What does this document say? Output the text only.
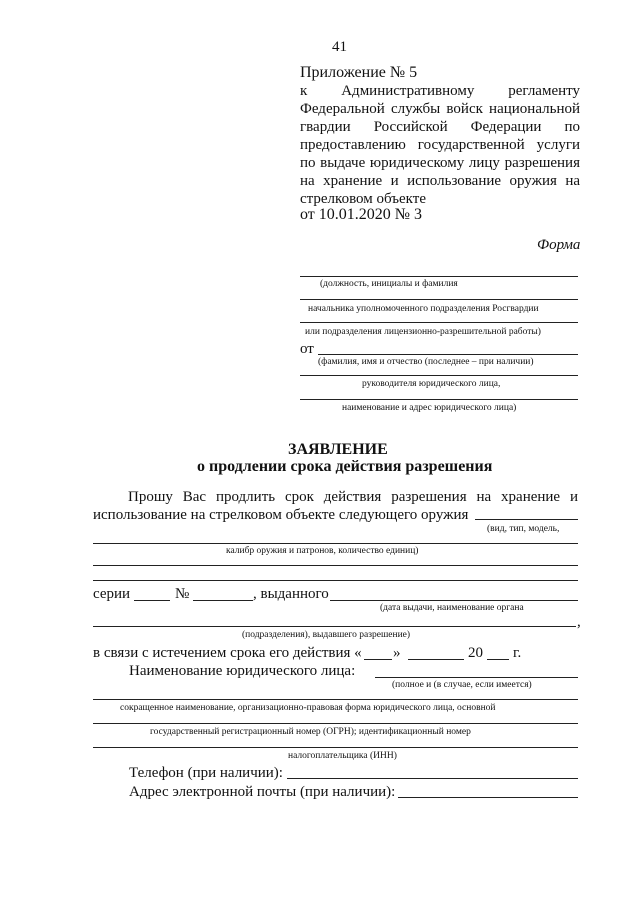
41
Приложение № 5
к Административному регламенту
Федеральной службы войск национальной
гвардии Российской Федерации по
предоставлению государственной услуги
по выдаче юридическому лицу разрешения
на хранение и использование оружия на
стрелковом объекте
от 10.01.2020 № 3
Форма
(должность, инициалы и фамилия
начальника уполномоченного подразделения Росгвардии
или подразделения лицензионно-разрешительной работы)
от
(фамилия, имя и отчество (последнее – при наличии)
руководителя юридического лица,
наименование и адрес юридического лица)
ЗАЯВЛЕНИЕ
о продлении срока действия разрешения
Прошу Вас продлить срок действия разрешения на хранение и
использование на стрелковом объекте следующего оружия
(вид, тип, модель,
калибр оружия и патронов, количество единиц)
серии	№	, выданного
(дата выдачи, наименование органа
,
(подразделения), выдавшего разрешение)
в связи с истечением срока его действия « »	20 г.
Наименование юридического лица:
(полное и (в случае, если имеется)
сокращенное наименование, организационно-правовая форма юридического лица, основной
государственный регистрационный номер (ОГРН); идентификационный номер
налогоплательщика (ИНН)
Телефон (при наличии):
Адрес электронной почты (при наличии):
